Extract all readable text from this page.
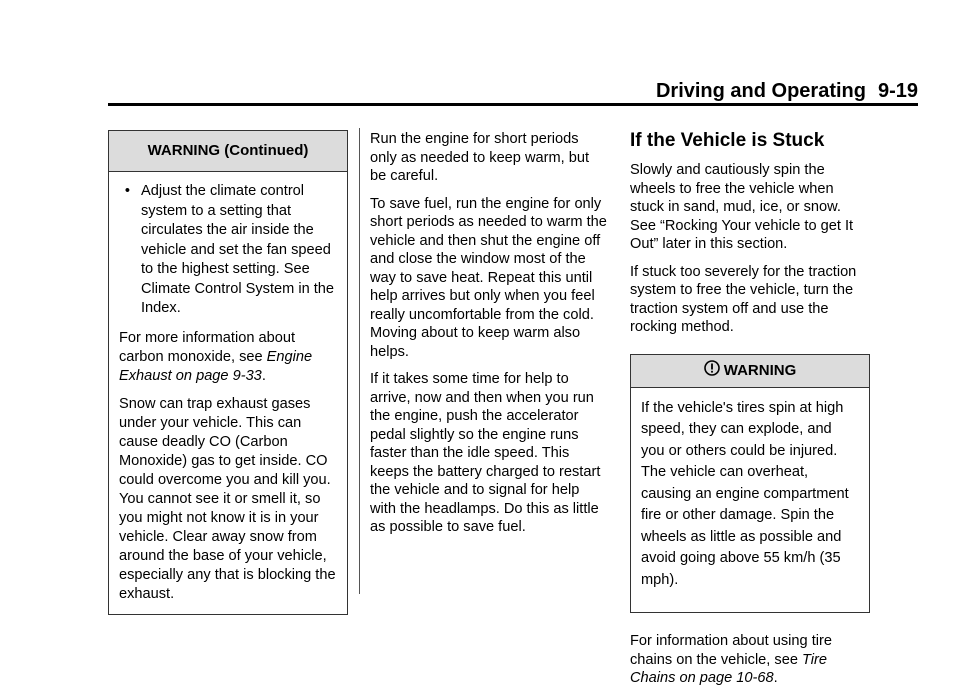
Driving and Operating 9-19
WARNING (Continued)
• Adjust the climate control system to a setting that circulates the air inside the vehicle and set the fan speed to the highest setting. See Climate Control System in the Index.

For more information about carbon monoxide, see Engine Exhaust on page 9-33.

Snow can trap exhaust gases under your vehicle. This can cause deadly CO (Carbon Monoxide) gas to get inside. CO could overcome you and kill you. You cannot see it or smell it, so you might not know it is in your vehicle. Clear away snow from around the base of your vehicle, especially any that is blocking the exhaust.

Run the engine for short periods only as needed to keep warm, but be careful.

To save fuel, run the engine for only short periods as needed to warm the vehicle and then shut the engine off and close the window most of the way to save heat. Repeat this until help arrives but only when you feel really uncomfortable from the cold. Moving about to keep warm also helps.

If it takes some time for help to arrive, now and then when you run the engine, push the accelerator pedal slightly so the engine runs faster than the idle speed. This keeps the battery charged to restart the vehicle and to signal for help with the headlamps. Do this as little as possible to save fuel.

If the Vehicle is Stuck

Slowly and cautiously spin the wheels to free the vehicle when stuck in sand, mud, ice, or snow. See “Rocking Your vehicle to get It Out” later in this section.

If stuck too severely for the traction system to free the vehicle, turn the traction system off and use the rocking method.

WARNING

If the vehicle's tires spin at high speed, they can explode, and you or others could be injured. The vehicle can overheat, causing an engine compartment fire or other damage. Spin the wheels as little as possible and avoid going above 55 km/h (35 mph).

For information about using tire chains on the vehicle, see Tire Chains on page 10-68.
